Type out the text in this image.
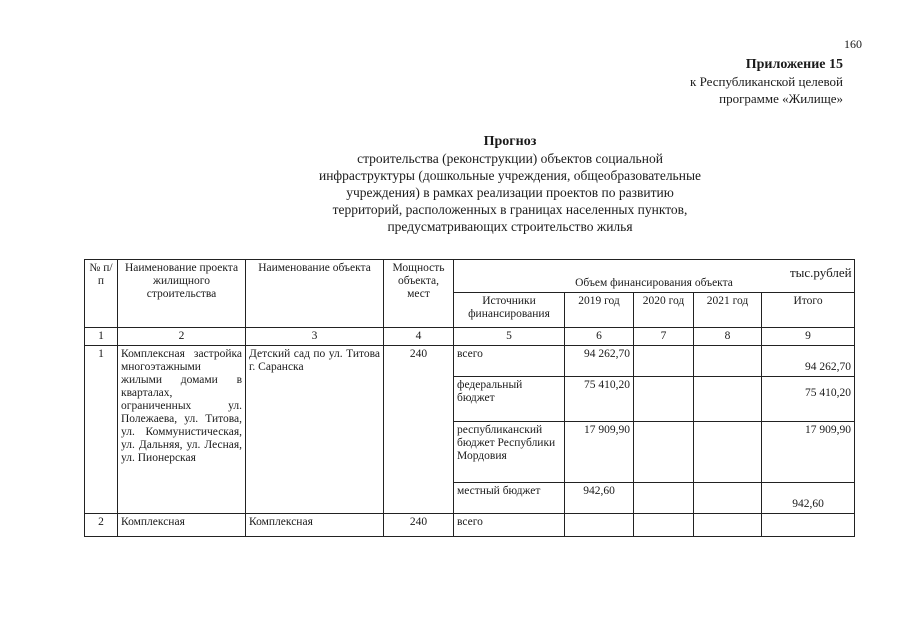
160
Приложение 15
к Республиканской целевой
программе «Жилище»
Прогноз
строительства (реконструкции) объектов социальной
инфраструктуры (дошкольные учреждения, общеобразовательные
учреждения) в рамках реализации проектов по развитию
территорий, расположенных в границах населенных пунктов,
предусматривающих строительство жилья
тыс.рублей
№ п/п	Наименование проекта жилищного строительства	Наименование объекта	Мощность объекта, мест	Объем финансирования объекта				
				Источники финансирования	2019 год	2020 год	2021 год	Итого
1	2	3	4	5	6	7	8	9
1	Комплексная застройка многоэтажными жилыми домами в кварталах, ограниченных ул. Полежаева, ул. Титова, ул. Коммунистическая, ул. Дальняя, ул. Лесная, ул. Пионерская	Детский сад по ул. Титова г. Саранска	240	всего	94 262,70			94 262,70
				федеральный бюджет	75 410,20			75 410,20
				республиканский бюджет Республики Мордовия	17 909,90			17 909,90
				местный бюджет	942,60			942,60
2	Комплексная	Комплексная	240	всего				
